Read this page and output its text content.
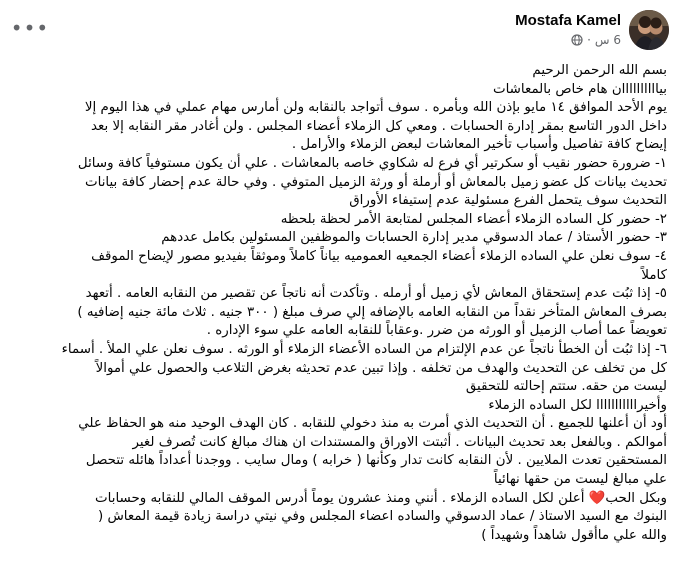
Mostafa Kamel
6 س
·
•••

بسم الله الرحمن الرحيم

بياااااااااان هام خاص بالمعاشات

يوم الأحد الموافق ١٤ مايو بإذن الله وبأمره . سوف أتواجد بالنقابه ولن أمارس مهام عملي في هذا اليوم إلا

داخل الدور التاسع بمقر إدارة الحسابات . ومعي كل الزملاء أعضاء المجلس . ولن أغادر مقر النقابه إلا بعد

إيضاح كافة تفاصيل وأسباب تأخير المعاشات لبعض الزملاء والأرامل .

١- ضرورة حضور نقيب أو سكرتير أي فرع له شكاوي خاصه بالمعاشات . علي أن يكون مستوفياً كافة وسائل

تحديث بيانات كل عضو زميل بالمعاش أو أرملة أو ورثة الزميل المتوفي . وفي حالة عدم إحضار كافة بيانات

التحديث سوف يتحمل الفرع مسئولية عدم إستيفاء الأوراق

٢- حضور كل الساده الزملاء أعضاء المجلس لمتابعة الأمر لحظة بلحظه

٣- حضور الأستاذ / عماد الدسوقي مدير إدارة الحسابات والموظفين المسئولين بكامل عددهم

٤- سوف نعلن علي الساده الزملاء أعضاء الجمعيه العموميه بياناً كاملاً وموثقاً بفيديو مصور لإيضاح الموقف

كاملاً

٥- إذا ثبُت عدم إستحقاق المعاش لأي زميل أو أرمله . وتأكدت أنه ناتجاً عن تقصير من النقابه العامه . أتعهد

بصرف المعاش المتأخر نقداً من النقابه العامه بالإضافه إلي صرف مبلغ ( ٣٠٠ جنيه . ثلاث مائة جنيه إضافيه )

تعويضاً عما أصاب الزميل أو الورثه من ضرر .وعقاباً للنقابه العامه علي سوء الإداره .

٦- إذا ثبُت أن الخطأ ناتجاً عن عدم الإلتزام من الساده الأعضاء الزملاء أو الورثه . سوف نعلن علي الملأ . أسماء

كل من تخلف عن التحديث والهدف من تخلفه . وإذا تبين عدم تحديثه بغرض التلاعب والحصول علي أموالاً

ليست من حقه. ستتم إحالته للتحقيق

وأخيرااااااااااا لكل الساده الزملاء

أود أن أعلنها للجميع . أن التحديث الذي أمرت به منذ دخولي للنقابه . كان الهدف الوحيد منه هو الحفاظ علي

أموالكم . وبالفعل بعد تحديث البيانات . أثبتت الاوراق والمستندات ان هناك مبالغ كانت تُصرف لغير

المستحقين تعدت الملايين . لأن النقابه كانت تدار وكأنها ( خرابه ) ومال سايب . ووجدنا أعداداً هائله تتحصل

علي مبالغ ليست من حقها نهائياً

وبكل الحب❤️ أعلن لكل الساده الزملاء . أنني ومنذ عشرون يوماً أدرس الموقف المالي للنقابه وحسابات

البنوك مع السيد الاستاذ / عماد الدسوقي والساده اعضاء المجلس وفي نيتي دراسة زيادة قيمة المعاش (

والله علي ماأقول شاهداً وشهيداً )
